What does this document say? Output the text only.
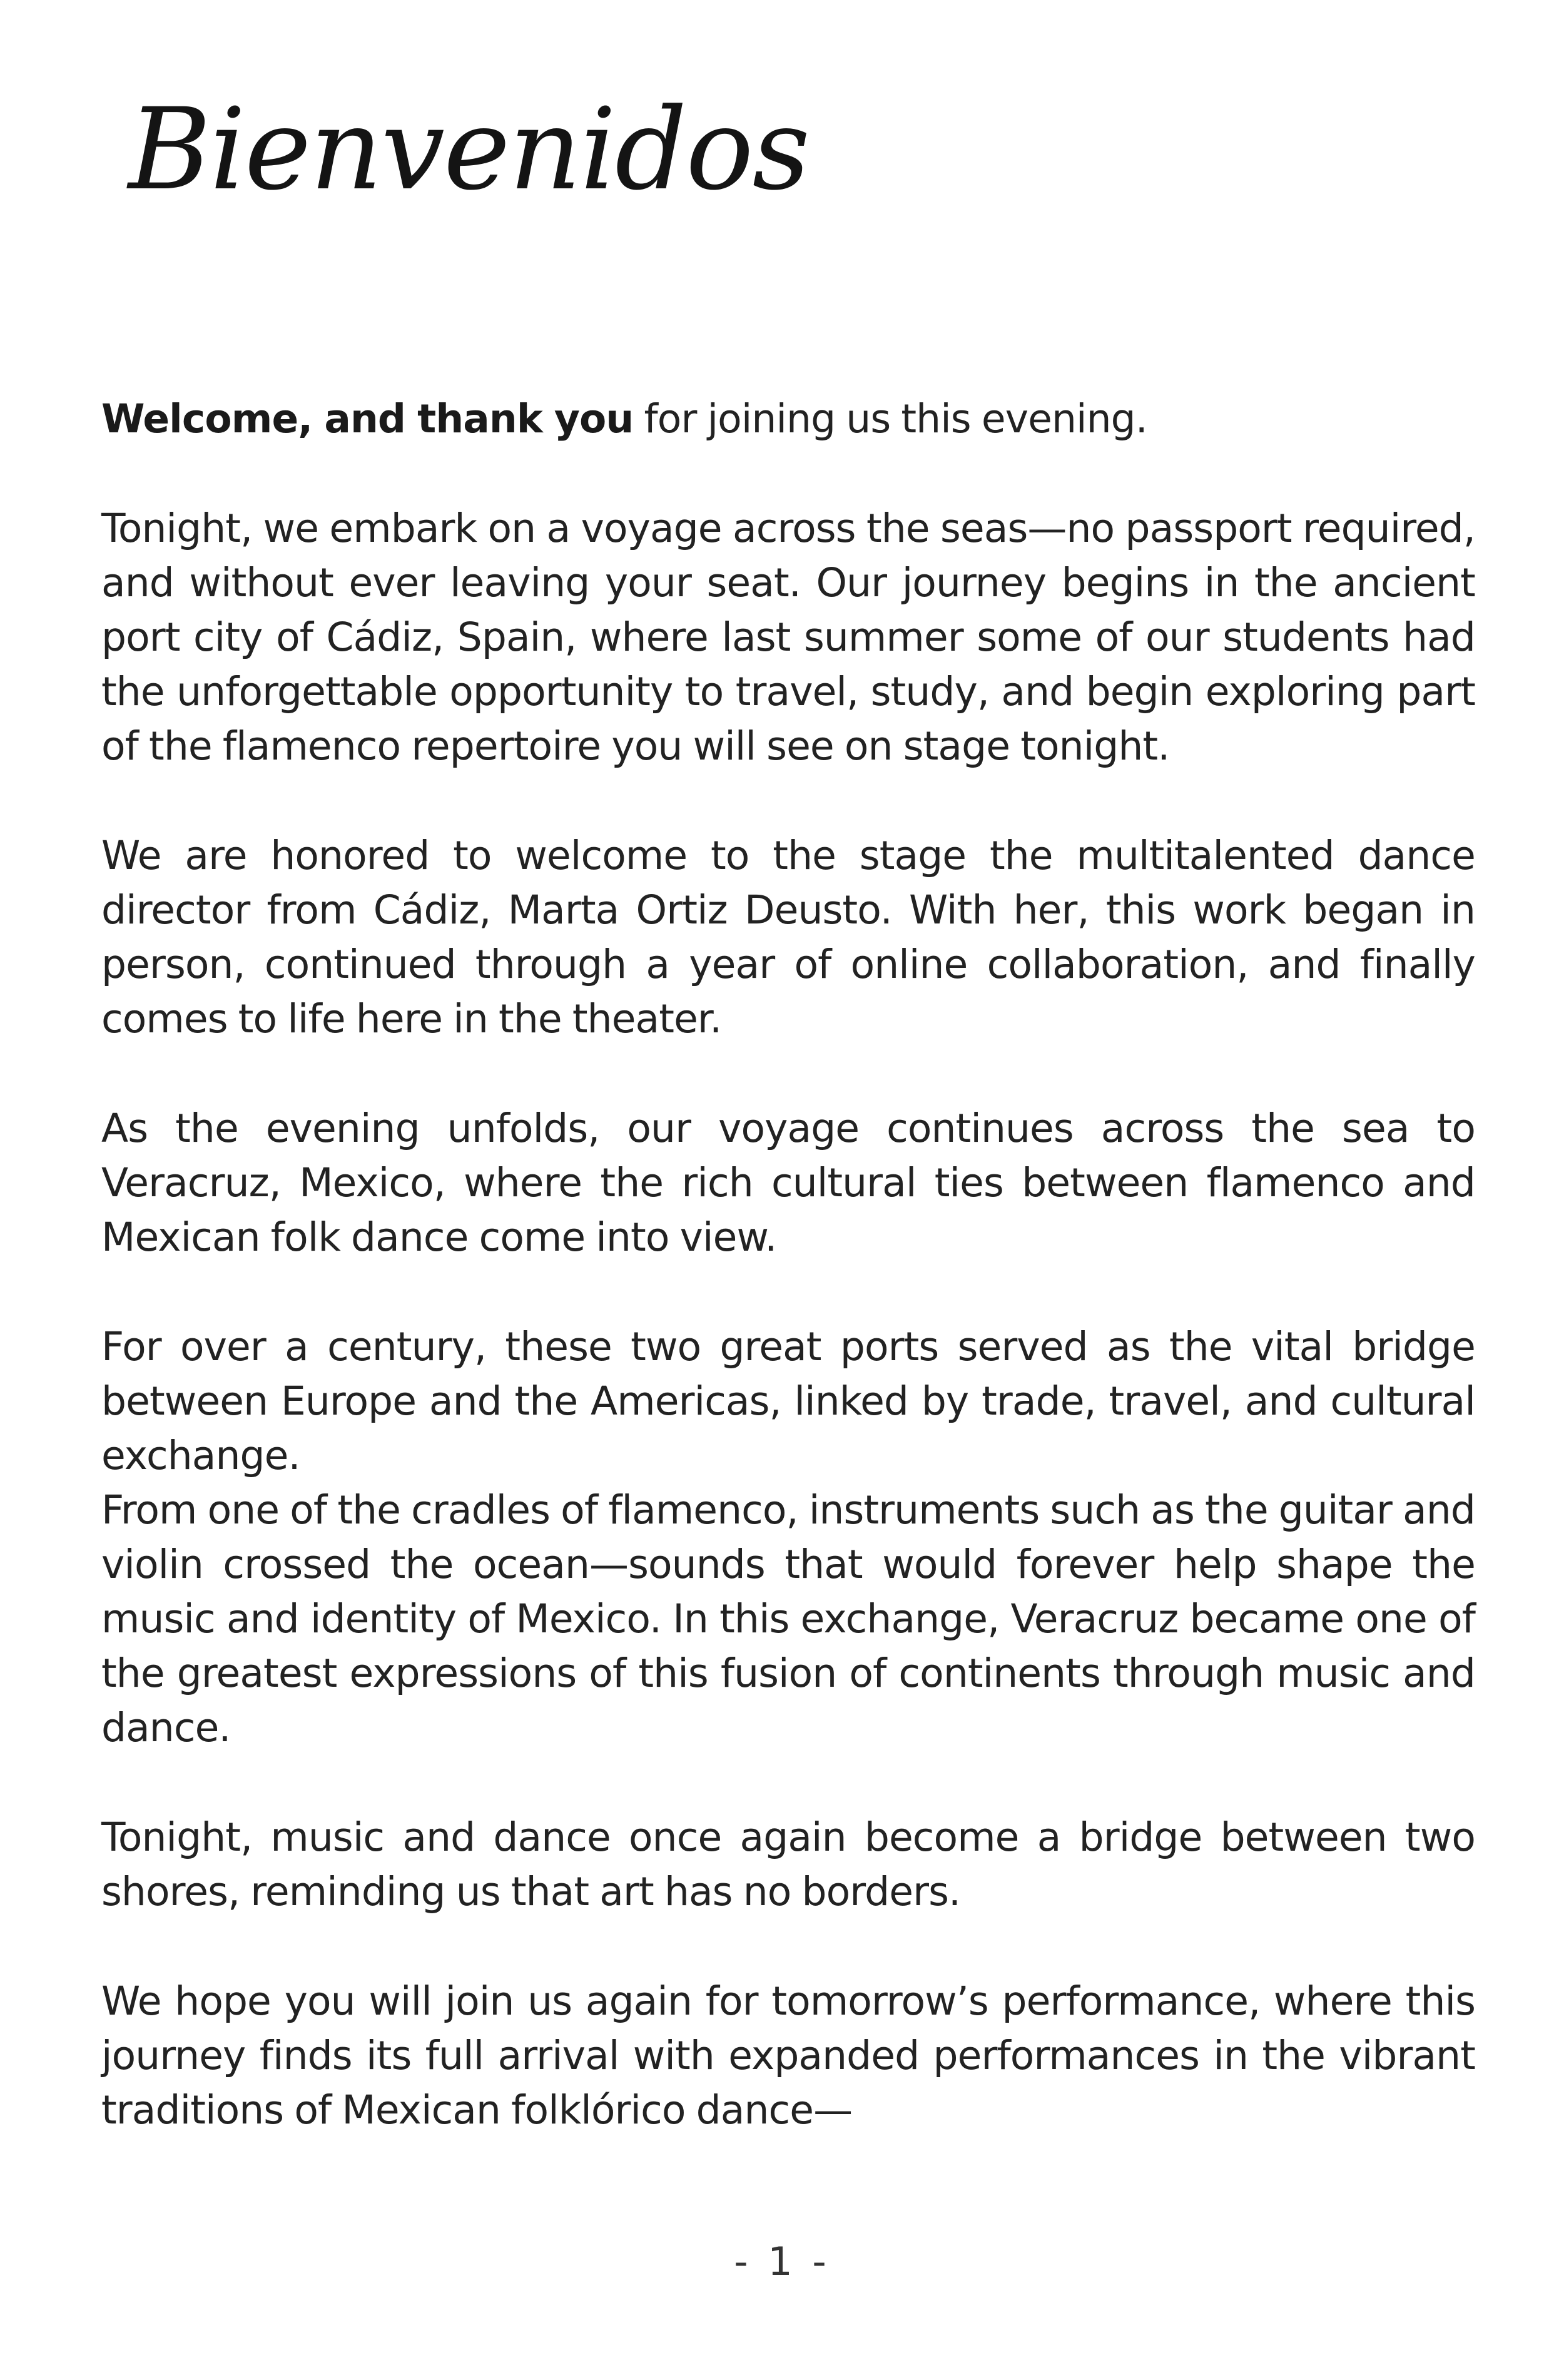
Bienvenidos

Welcome, and thank you for joining us this evening.

Tonight, we embark on a voyage across the seas—no passport required, and without ever leaving your seat. Our journey begins in the ancient port city of Cádiz, Spain, where last summer some of our students had the unforgettable opportunity to travel, study, and begin exploring part of the flamenco repertoire you will see on stage tonight.

We are honored to welcome to the stage the multitalented dance director from Cádiz, Marta Ortiz Deusto. With her, this work began in person, continued through a year of online collaboration, and finally comes to life here in the theater.

As the evening unfolds, our voyage continues across the sea to Veracruz, Mexico, where the rich cultural ties between flamenco and Mexican folk dance come into view.

For over a century, these two great ports served as the vital bridge between Europe and the Americas, linked by trade, travel, and cultural exchange.

From one of the cradles of flamenco, instruments such as the guitar and violin crossed the ocean—sounds that would forever help shape the music and identity of Mexico. In this exchange, Veracruz became one of the greatest expressions of this fusion of continents through music and dance.

Tonight, music and dance once again become a bridge between two shores, reminding us that art has no borders.

We hope you will join us again for tomorrow’s performance, where this journey finds its full arrival with expanded performances in the vibrant traditions of Mexican folklórico dance—

- 1 -
